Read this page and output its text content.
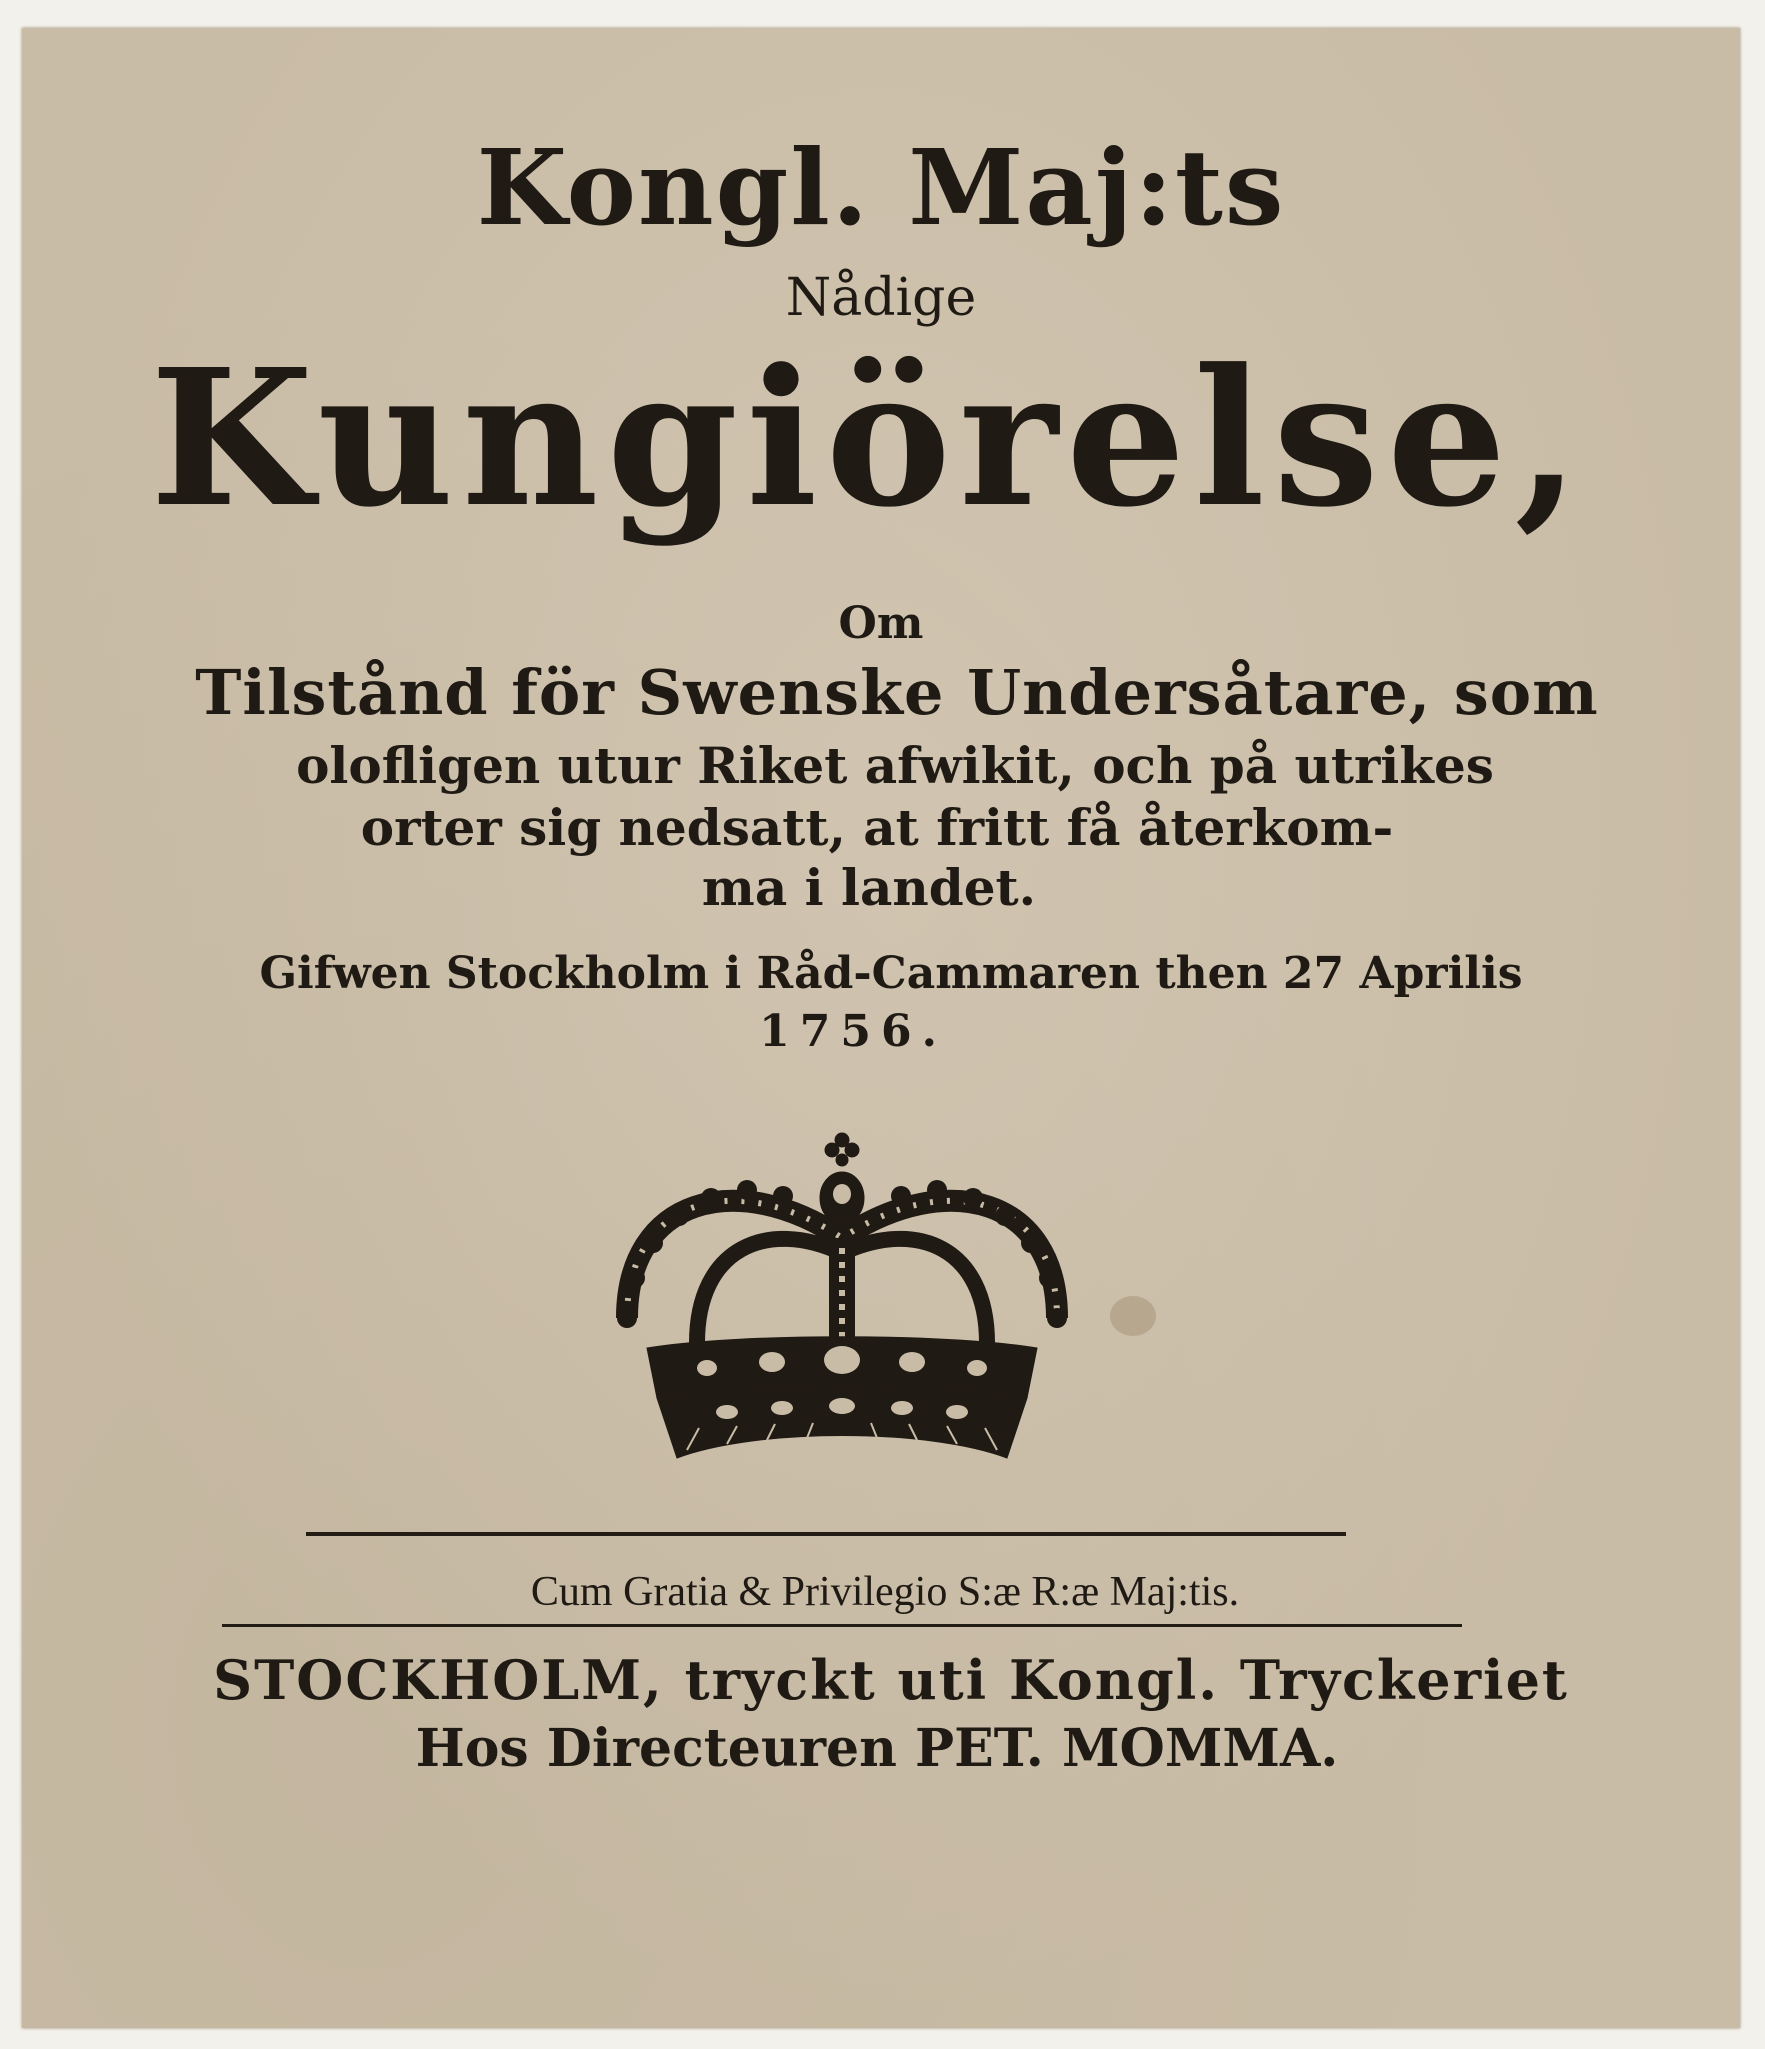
Kongl. Maj:ts
Nådige
Kungiörelse,
Om
Tilstånd för Swenske Undersåtare, som
olofligen utur Riket afwikit, och på utrikes
orter sig nedsatt, at fritt få återkom-
ma i landet.
Gifwen Stockholm i Råd-Cammaren then 27 Aprilis
1756.
Cum Gratia & Privilegio S:æ R:æ Maj:tis.
STOCKHOLM, tryckt uti Kongl. Tryckeriet
Hos Directeuren PET. MOMMA.
